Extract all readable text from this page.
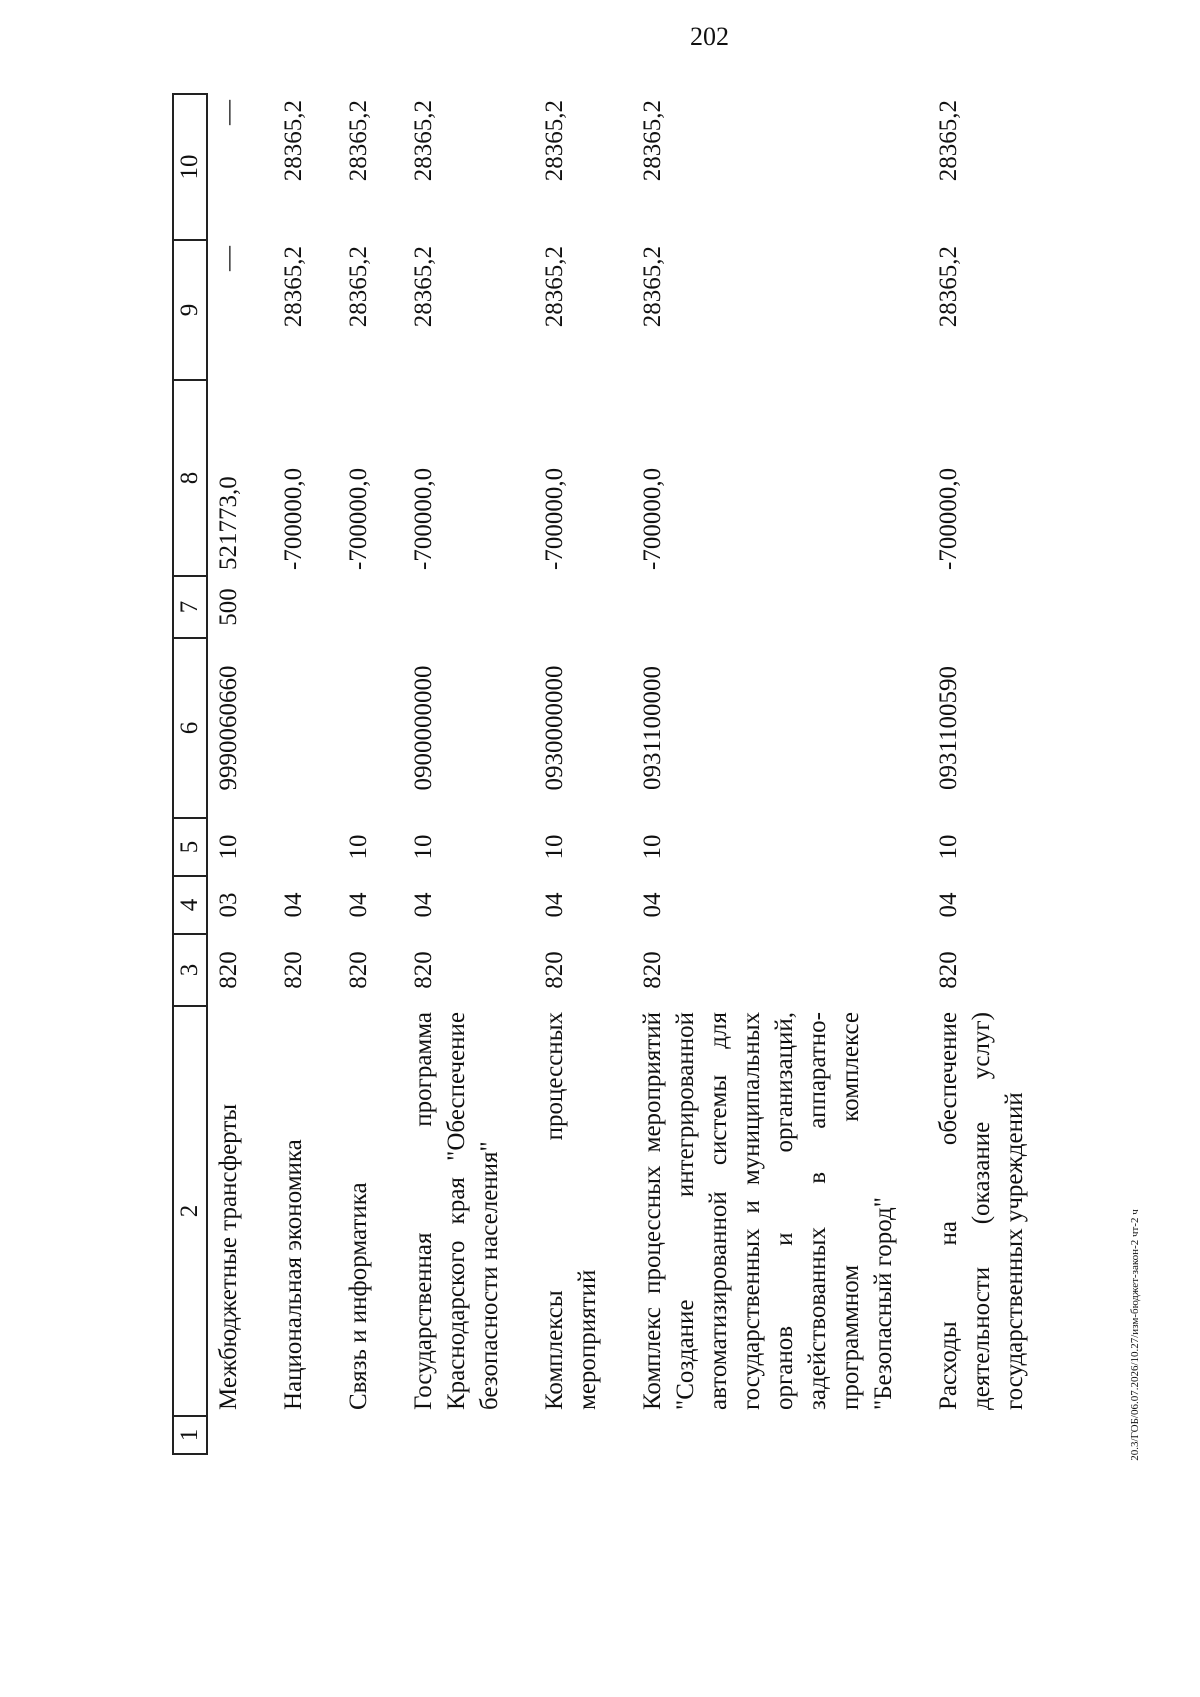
202
1	2	3	4	5	6	7	8	9	10
	Межбюджетные трансферты	820	03	10	9990060660	500	521773,0	—	—
	Национальная экономика	820	04				-700000,0	28365,2	28365,2
	Связь и информатика	820	04	10			-700000,0	28365,2	28365,2
	Государственная программа Краснодарского края "Обеспечение безопасности населения"	820	04	10	0900000000		-700000,0	28365,2	28365,2
	Комплексы процессных мероприятий	820	04	10	0930000000		-700000,0	28365,2	28365,2
	Комплекс процессных мероприятий "Создание интегрированной автоматизированной системы для государственных и муниципальных органов и организаций, задействованных в аппаратно-программном комплексе "Безопасный город"	820	04	10	0931100000		-700000,0	28365,2	28365,2
	Расходы на обеспечение деятельности (оказание услуг) государственных учреждений	820	04	10	0931100590		-700000,0	28365,2	28365,2
20.3/ГОБ/06.07.2026/10.27/изм-бюджет-закон-2 чт-2 ч
